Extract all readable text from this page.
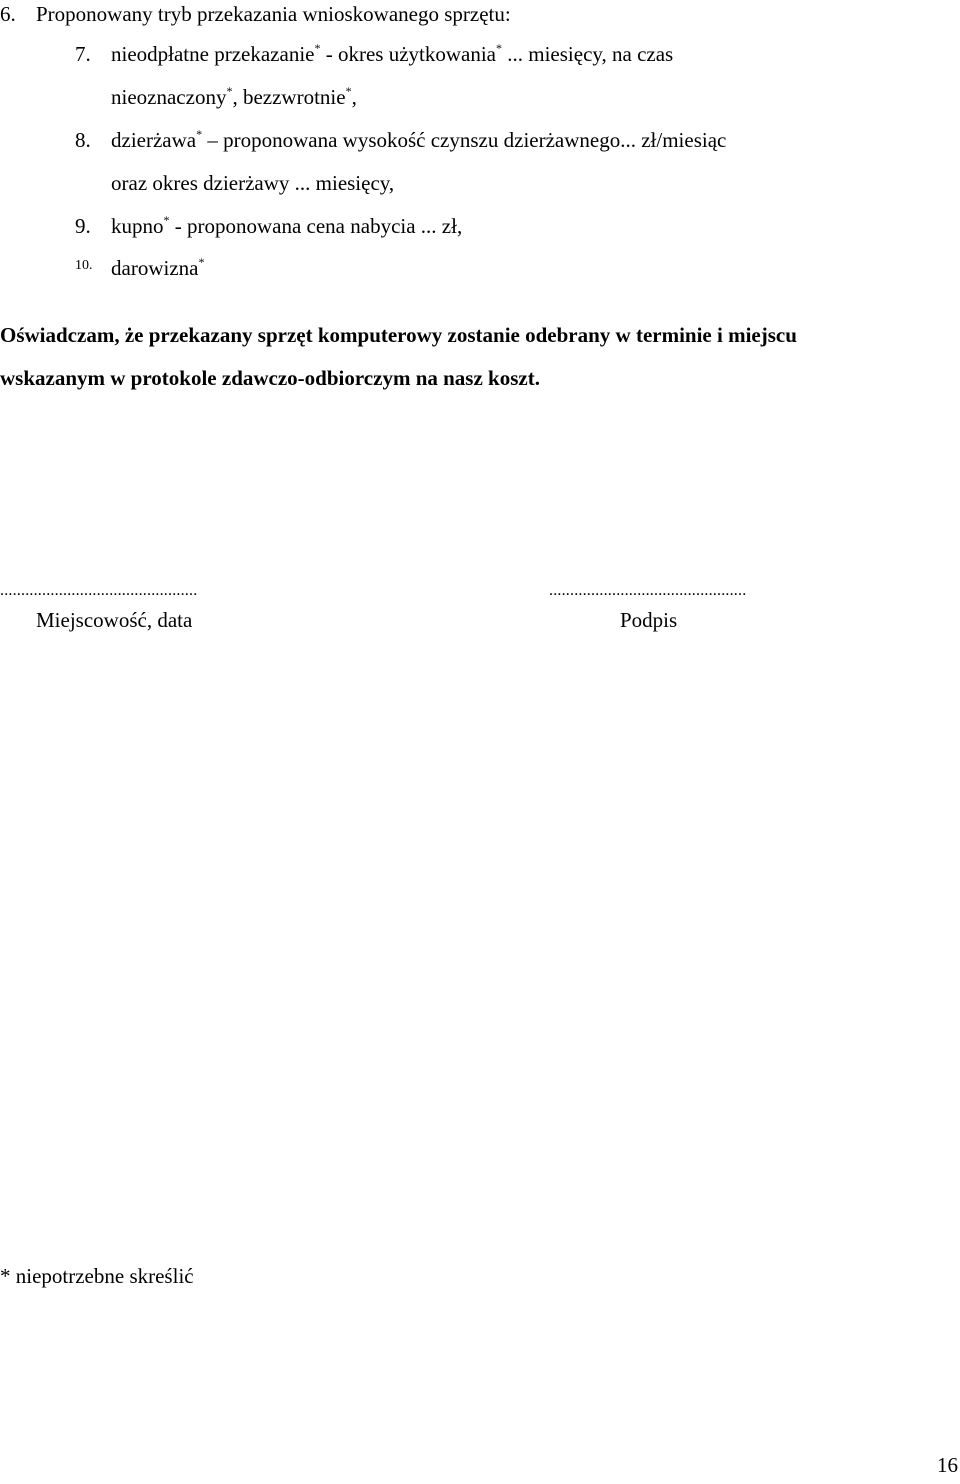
6. Proponowany tryb przekazania wnioskowanego sprzętu:
7. nieodpłatne przekazanie* - okres użytkowania* ... miesięcy, na czas
nieoznaczony*, bezzwrotnie*,
8. dzierżawa* – proponowana wysokość czynszu dzierżawnego... zł/miesiąc
oraz okres dzierżawy ... miesięcy,
9. kupno* - proponowana cena nabycia ... zł,
10. darowizna*
Oświadczam, że przekazany sprzęt komputerowy zostanie odebrany w terminie i miejscu
wskazanym w protokole zdawczo-odbiorczym na nasz koszt.
...............................................
Miejscowość, data
...............................................
Podpis
* niepotrzebne skreślić
16
